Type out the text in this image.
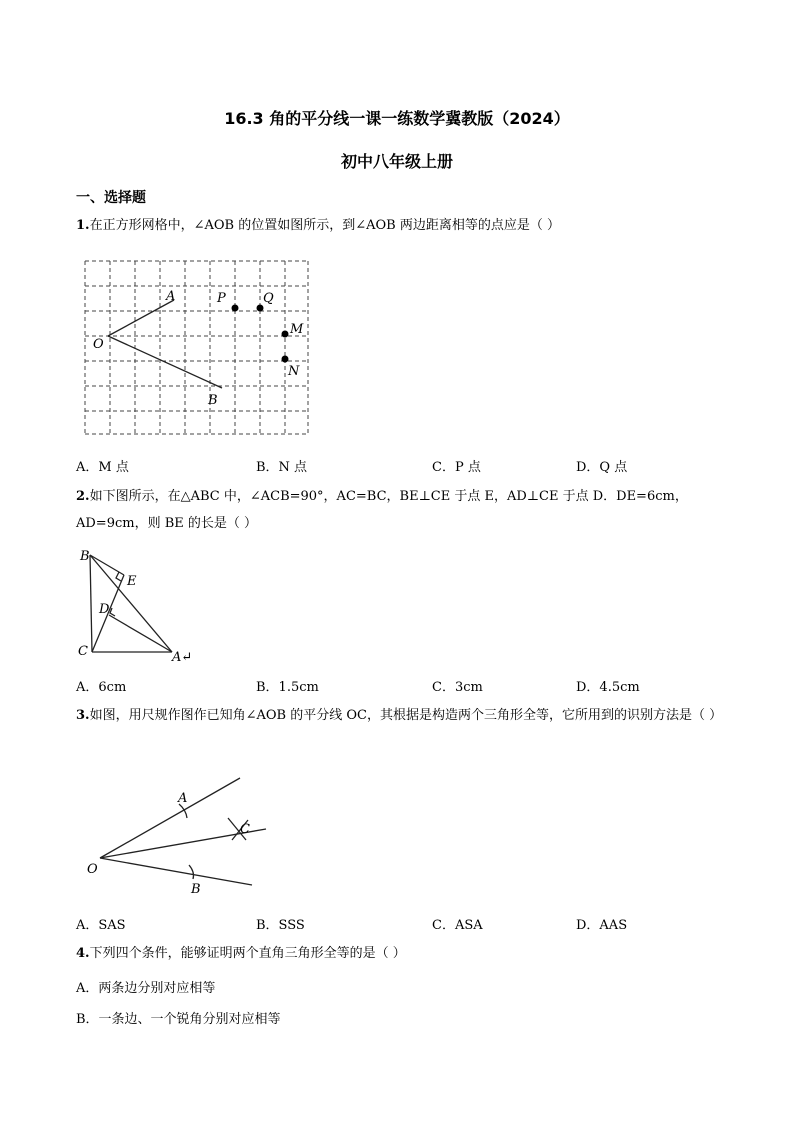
16.3 角的平分线一课一练数学冀教版（2024）
初中八年级上册
一、选择题
1.在正方形网格中，∠AOB 的位置如图所示，到∠AOB 两边距离相等的点应是（ ）
O
A
B
P	Q
M
N
A．M 点	B．N 点	C．P 点	D．Q 点
2.如下图所示，在△ABC 中，∠ACB=90°，AC=BC，BE⊥CE 于点 E，AD⊥CE 于点 D．DE=6cm，AD=9cm，则 BE 的长是（ ）
B
E
D
C	A↵
A．6cm	B．1.5cm	C．3cm	D．4.5cm
3.如图，用尺规作图作已知角∠AOB 的平分线 OC，其根据是构造两个三角形全等，它所用到的识别方法是（ ）
O
A
B
C
A．SAS	B．SSS	C．ASA	D．AAS
4.下列四个条件，能够证明两个直角三角形全等的是（ ）
A．两条边分别对应相等
B．一条边、一个锐角分别对应相等
